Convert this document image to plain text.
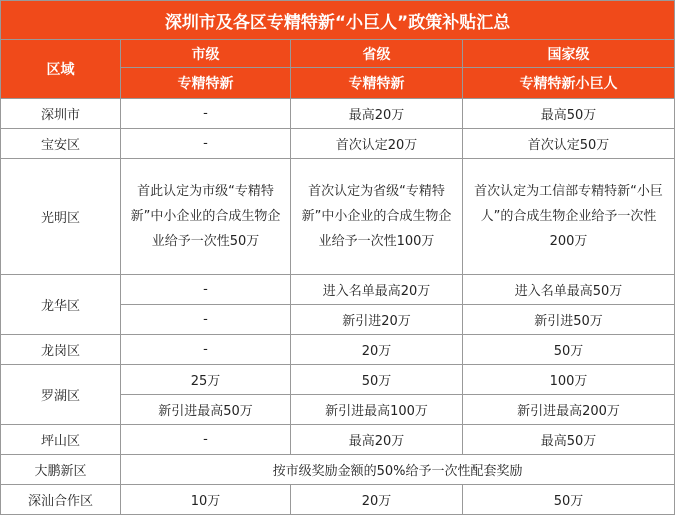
深圳市及各区专精特新“小巨人”政策补贴汇总			
区域	市级	省级	国家级
	专精特新	专精特新	专精特新小巨人
深圳市	-	最高20万	最高50万
宝安区	-	首次认定20万	首次认定50万
光明区	首此认定为市级“专精特新”中小企业的合成生物企业给予一次性50万	首次认定为省级“专精特新”中小企业的合成生物企业给予一次性100万	首次认定为工信部专精特新“小巨人”的合成生物企业给予一次性200万
龙华区	-	进入名单最高20万	进入名单最高50万
	-	新引进20万	新引进50万
龙岗区	-	20万	50万
罗湖区	25万	50万	100万
	新引进最高50万	新引进最高100万	新引进最高200万
坪山区	-	最高20万	最高50万
大鹏新区	按市级奖励金额的50%给予一次性配套奖励		
深汕合作区	10万	20万	50万
